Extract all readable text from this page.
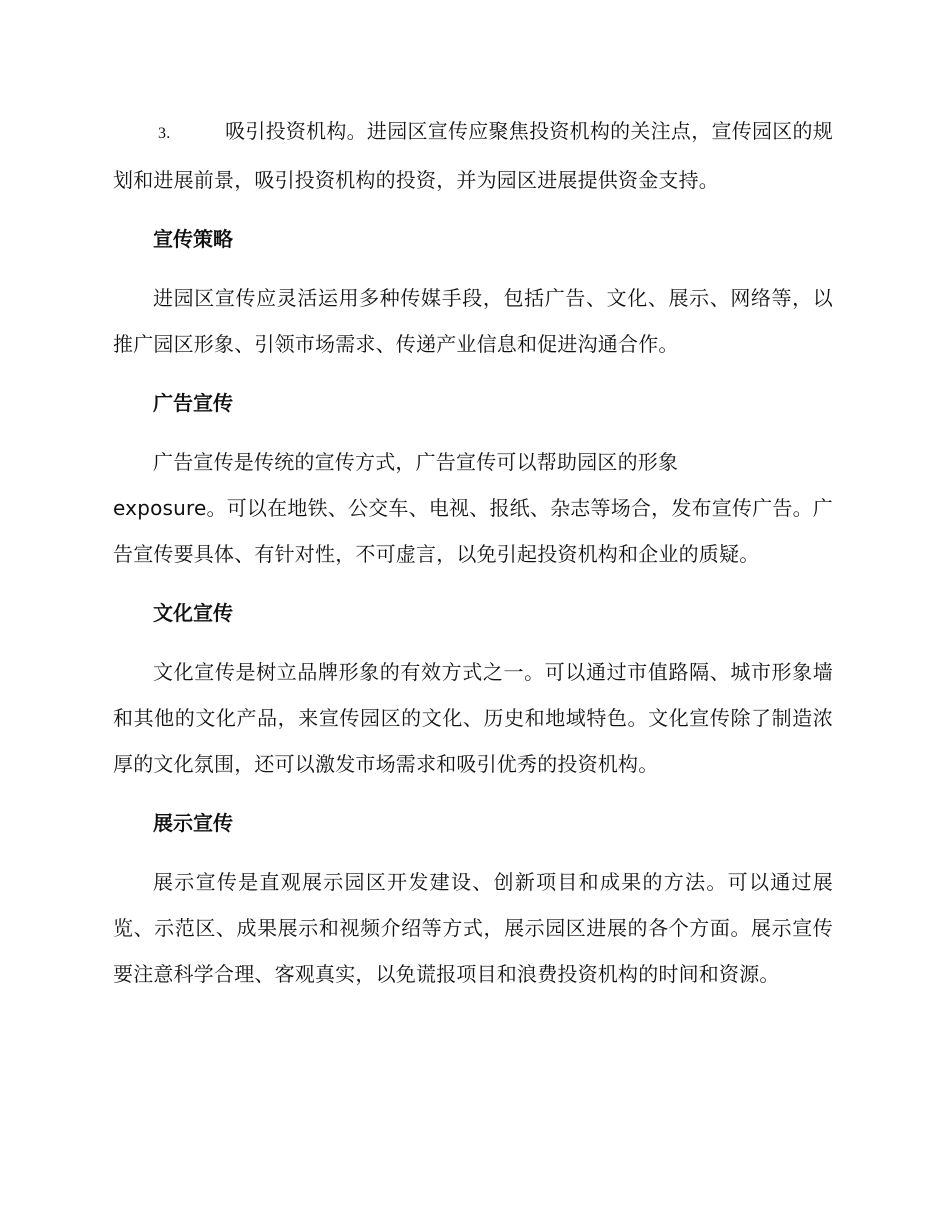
3.	吸引投资机构。进园区宣传应聚焦投资机构的关注点，宣传园区的规划和进展前景，吸引投资机构的投资，并为园区进展提供资金支持。

宣传策略

进园区宣传应灵活运用多种传媒手段，包括广告、文化、展示、网络等，以推广园区形象、引领市场需求、传递产业信息和促进沟通合作。

广告宣传

广告宣传是传统的宣传方式，广告宣传可以帮助园区的形象
exposure。可以在地铁、公交车、电视、报纸、杂志等场合，发布宣传广告。广告宣传要具体、有针对性，不可虚言，以免引起投资机构和企业的质疑。

文化宣传

文化宣传是树立品牌形象的有效方式之一。可以通过市值路隔、城市形象墙和其他的文化产品，来宣传园区的文化、历史和地域特色。文化宣传除了制造浓厚的文化氛围，还可以激发市场需求和吸引优秀的投资机构。

展示宣传

展示宣传是直观展示园区开发建设、创新项目和成果的方法。可以通过展览、示范区、成果展示和视频介绍等方式，展示园区进展的各个方面。展示宣传要注意科学合理、客观真实，以免谎报项目和浪费投资机构的时间和资源。
